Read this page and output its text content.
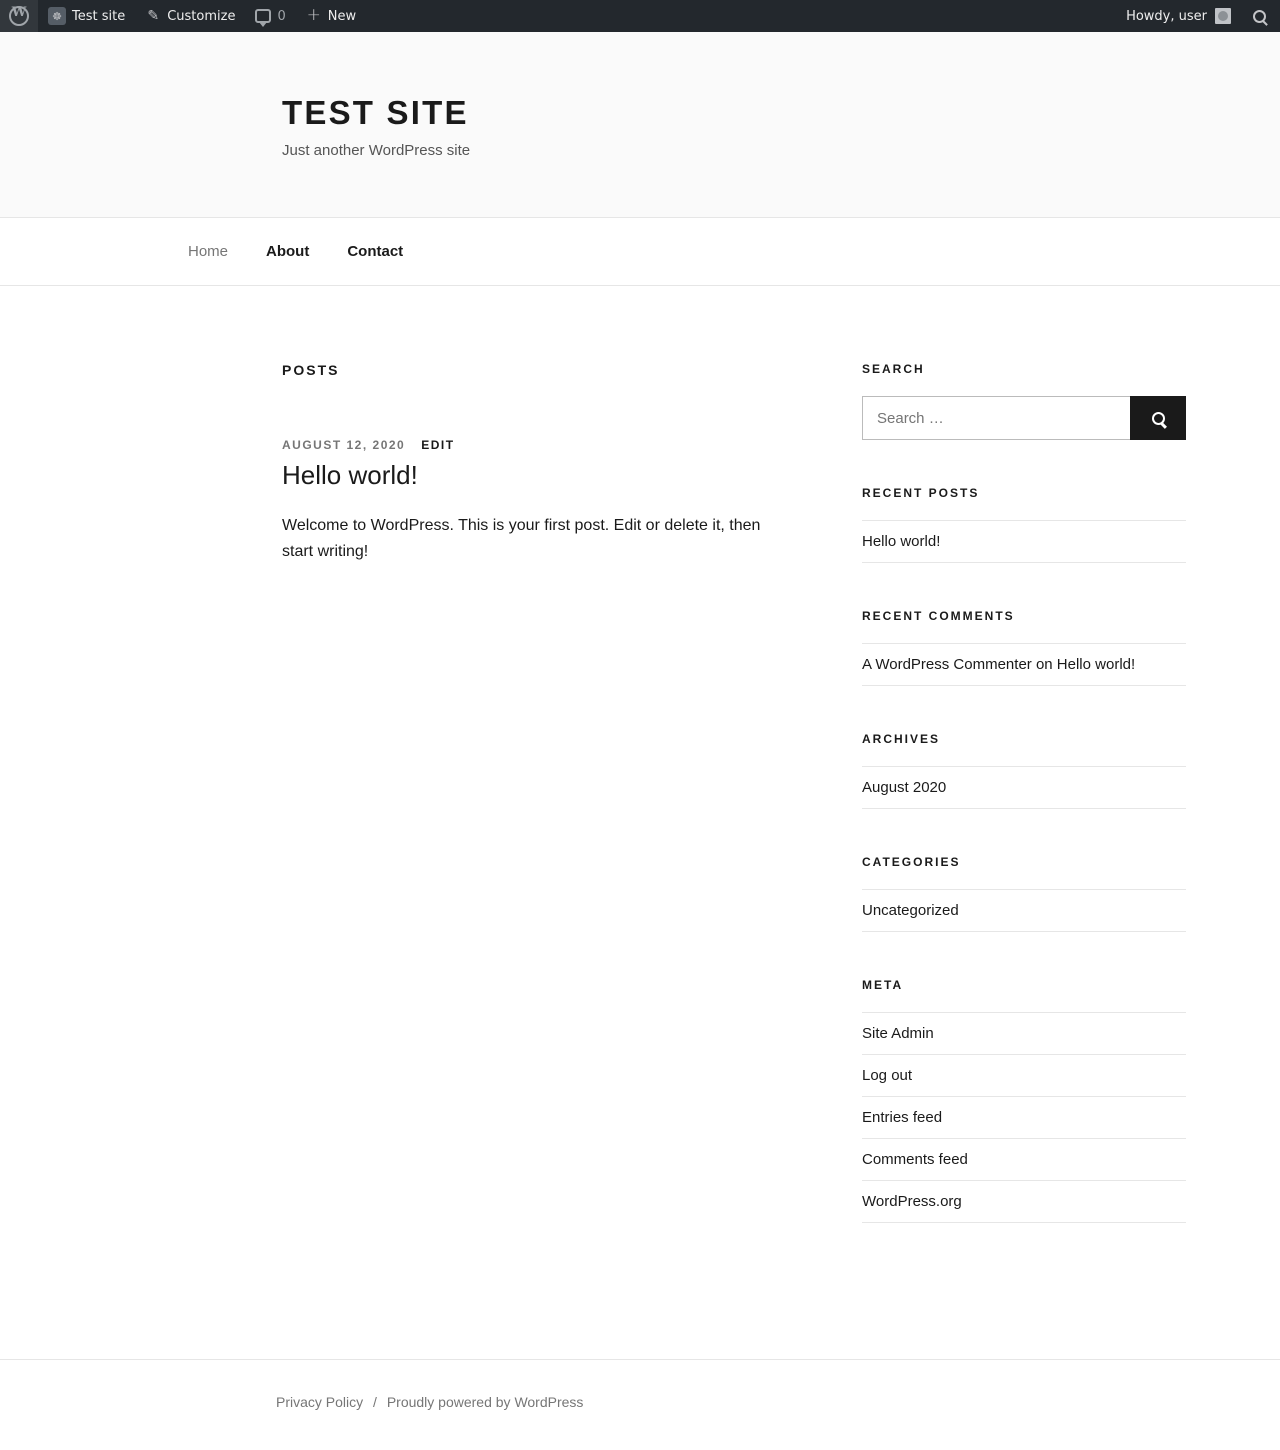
W
☸ Test site ✎ Customize	0 + New	Howdy, user
TEST SITE

Just another WordPress site

Home	About	Contact
POSTS
AUGUST 12, 2020 EDIT
Hello world!

Welcome to WordPress. This is your first post. Edit or delete it, then start writing!

SEARCH
Search …
RECENT POSTS
Hello world!
RECENT COMMENTS
A WordPress Commenter on Hello world!
ARCHIVES
August 2020
CATEGORIES
Uncategorized
META
Site Admin
Log out
Entries feed
Comments feed
WordPress.org
Privacy Policy / Proudly powered by WordPress
